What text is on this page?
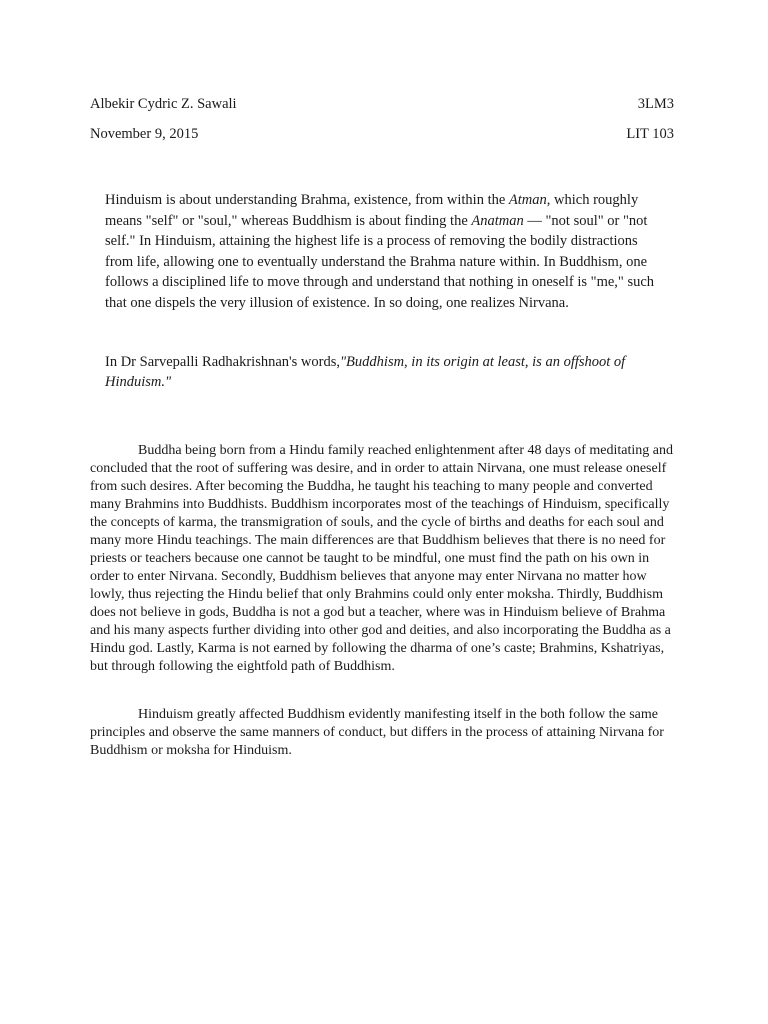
Albekir Cydric Z. Sawali	3LM3
November 9, 2015	LIT 103

Hinduism is about understanding Brahma, existence, from within the Atman, which roughly means "self" or "soul," whereas Buddhism is about finding the Anatman — "not soul" or "not self." In Hinduism, attaining the highest life is a process of removing the bodily distractions from life, allowing one to eventually understand the Brahma nature within. In Buddhism, one follows a disciplined life to move through and understand that nothing in oneself is "me," such that one dispels the very illusion of existence. In so doing, one realizes Nirvana.

In Dr Sarvepalli Radhakrishnan's words,"Buddhism, in its origin at least, is an offshoot of Hinduism."

Buddha being born from a Hindu family reached enlightenment after 48 days of meditating and concluded that the root of suffering was desire, and in order to attain Nirvana, one must release oneself from such desires. After becoming the Buddha, he taught his teaching to many people and converted many Brahmins into Buddhists. Buddhism incorporates most of the teachings of Hinduism, specifically the concepts of karma, the transmigration of souls, and the cycle of births and deaths for each soul and many more Hindu teachings. The main differences are that Buddhism believes that there is no need for priests or teachers because one cannot be taught to be mindful, one must find the path on his own in order to enter Nirvana. Secondly, Buddhism believes that anyone may enter Nirvana no matter how lowly, thus rejecting the Hindu belief that only Brahmins could only enter moksha. Thirdly, Buddhism does not believe in gods, Buddha is not a god but a teacher, where was in Hinduism believe of Brahma and his many aspects further dividing into other god and deities, and also incorporating the Buddha as a Hindu god. Lastly, Karma is not earned by following the dharma of one’s caste; Brahmins, Kshatriyas, but through following the eightfold path of Buddhism.

Hinduism greatly affected Buddhism evidently manifesting itself in the both follow the same principles and observe the same manners of conduct, but differs in the process of attaining Nirvana for Buddhism or moksha for Hinduism.
